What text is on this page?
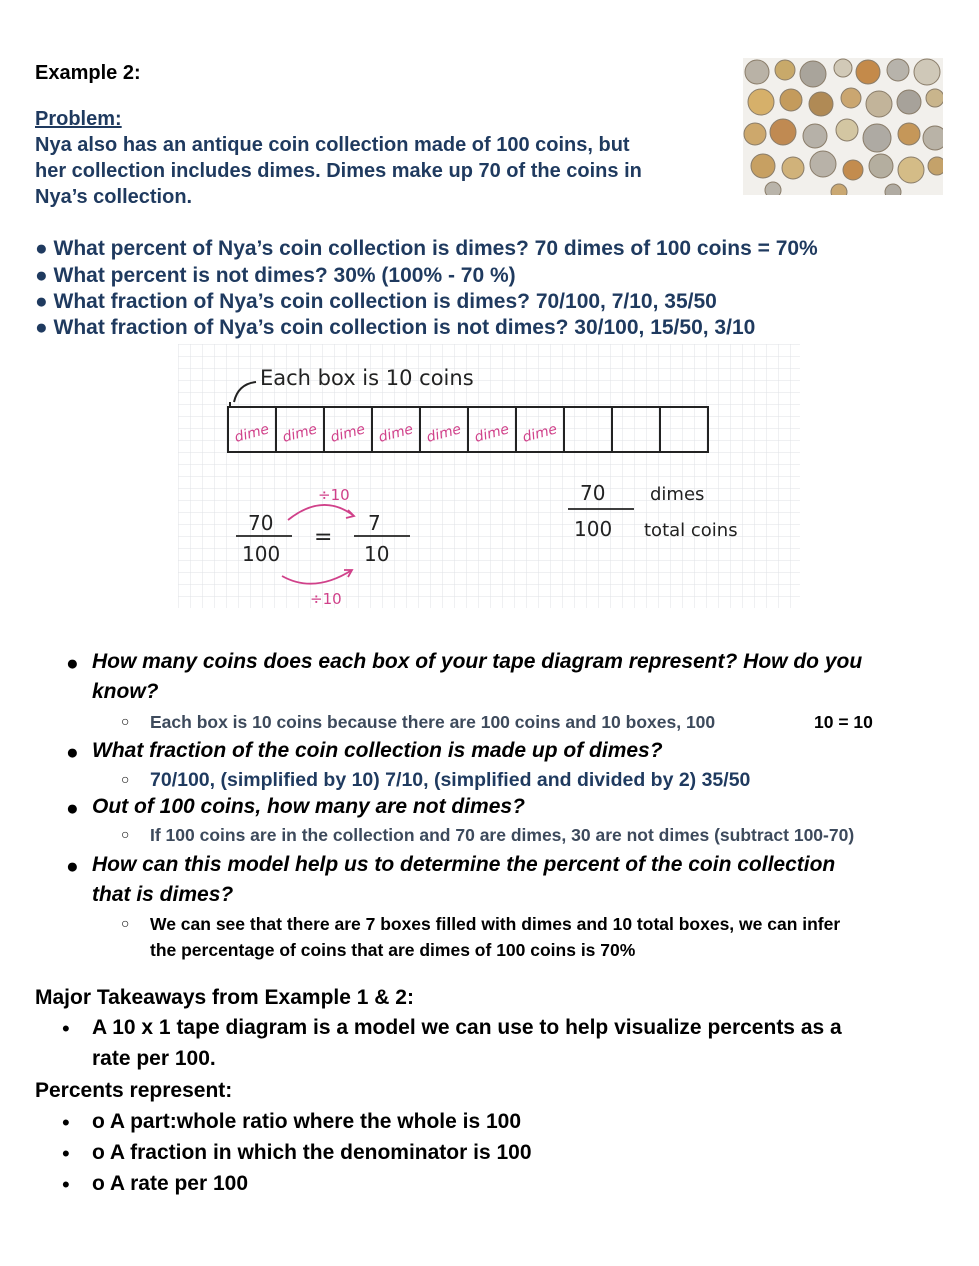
Example 2:
Problem:
Nya also has an antique coin collection made of 100 coins, but
her collection includes dimes. Dimes make up 70 of the coins in
Nya’s collection.
● What percent of Nya’s coin collection is dimes? 70 dimes of 100 coins = 70%
● What percent is not dimes? 30% (100% - 70 %)
● What fraction of Nya’s coin collection is dimes? 70/100, 7/10, 35/50
● What fraction of Nya’s coin collection is not dimes? 30/100, 15/50, 3/10
Each box is 10 coins
dime dime dime dime dime dime dime
÷10
70
100
=
7
10
÷10
70
100
dimes
total coins
● How many coins does each box of your tape diagram represent? How do you
know?
○ Each box is 10 coins because there are 100 coins and 10 boxes, 100	10 = 10
● What fraction of the coin collection is made up of dimes?
○ 70/100, (simplified by 10) 7/10, (simplified and divided by 2) 35/50
● Out of 100 coins, how many are not dimes?
○ If 100 coins are in the collection and 70 are dimes, 30 are not dimes (subtract 100-70)
● How can this model help us to determine the percent of the coin collection
that is dimes?
○ We can see that there are 7 boxes filled with dimes and 10 total boxes, we can infer
the percentage of coins that are dimes of 100 coins is 70%
Major Takeaways from Example 1 & 2:
• A 10 x 1 tape diagram is a model we can use to help visualize percents as a
rate per 100.
Percents represent:
• o A part:whole ratio where the whole is 100
• o A fraction in which the denominator is 100
• o A rate per 100
